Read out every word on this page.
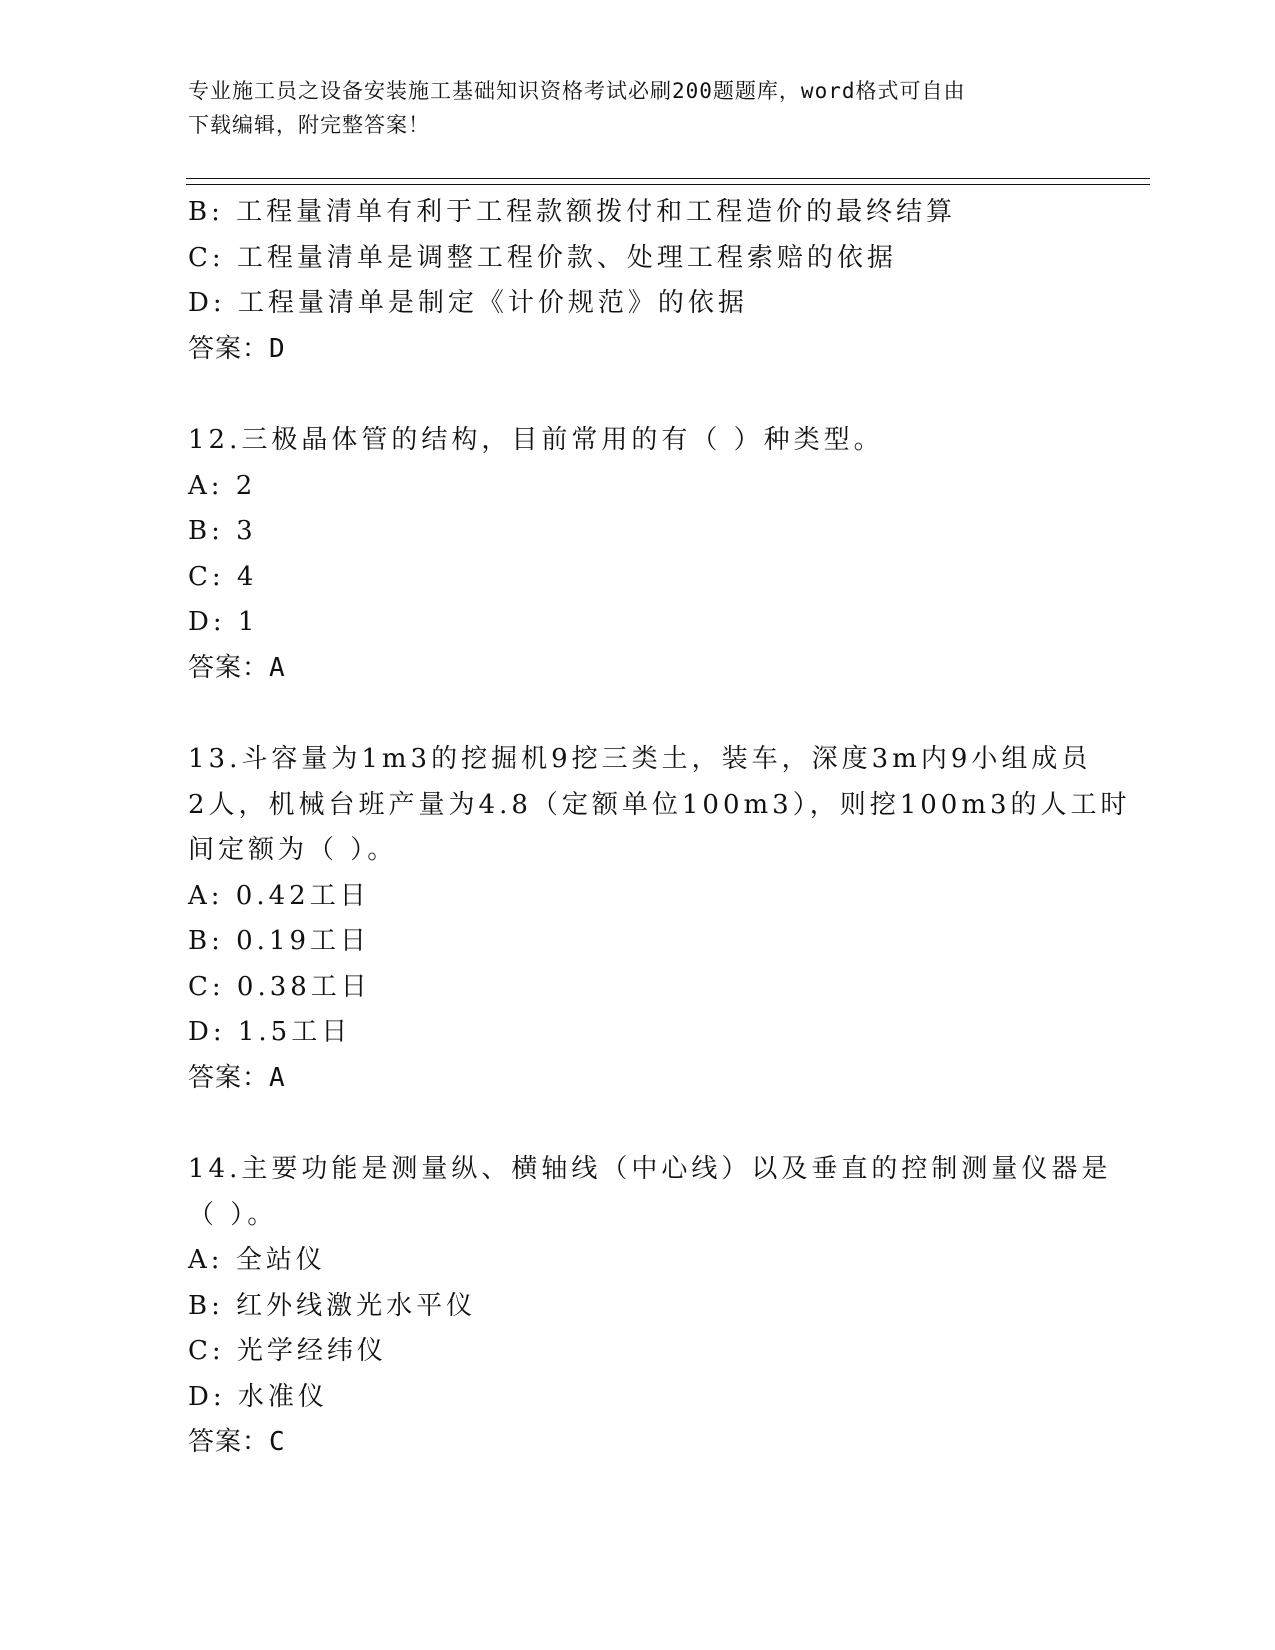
专业施工员之设备安装施工基础知识资格考试必刷200题题库，word格式可自由
下载编辑，附完整答案！
B: 工程量清单有利于工程款额拨付和工程造价的最终结算
C: 工程量清单是调整工程价款、处理工程索赔的依据
D: 工程量清单是制定《计价规范》的依据
答案：D
12.三极晶体管的结构，目前常用的有（ ）种类型。
A: 2
B: 3
C: 4
D: 1
答案：A
13.斗容量为1m3的挖掘机9挖三类土，装车，深度3m内9小组成员
2人，机械台班产量为4.8（定额单位100m3），则挖100m3的人工时
间定额为（ ）。
A: 0.42工日
B: 0.19工日
C: 0.38工日
D: 1.5工日
答案：A
14.主要功能是测量纵、横轴线（中心线）以及垂直的控制测量仪器是
（ ）。
A: 全站仪
B: 红外线激光水平仪
C: 光学经纬仪
D: 水准仪
答案：C
